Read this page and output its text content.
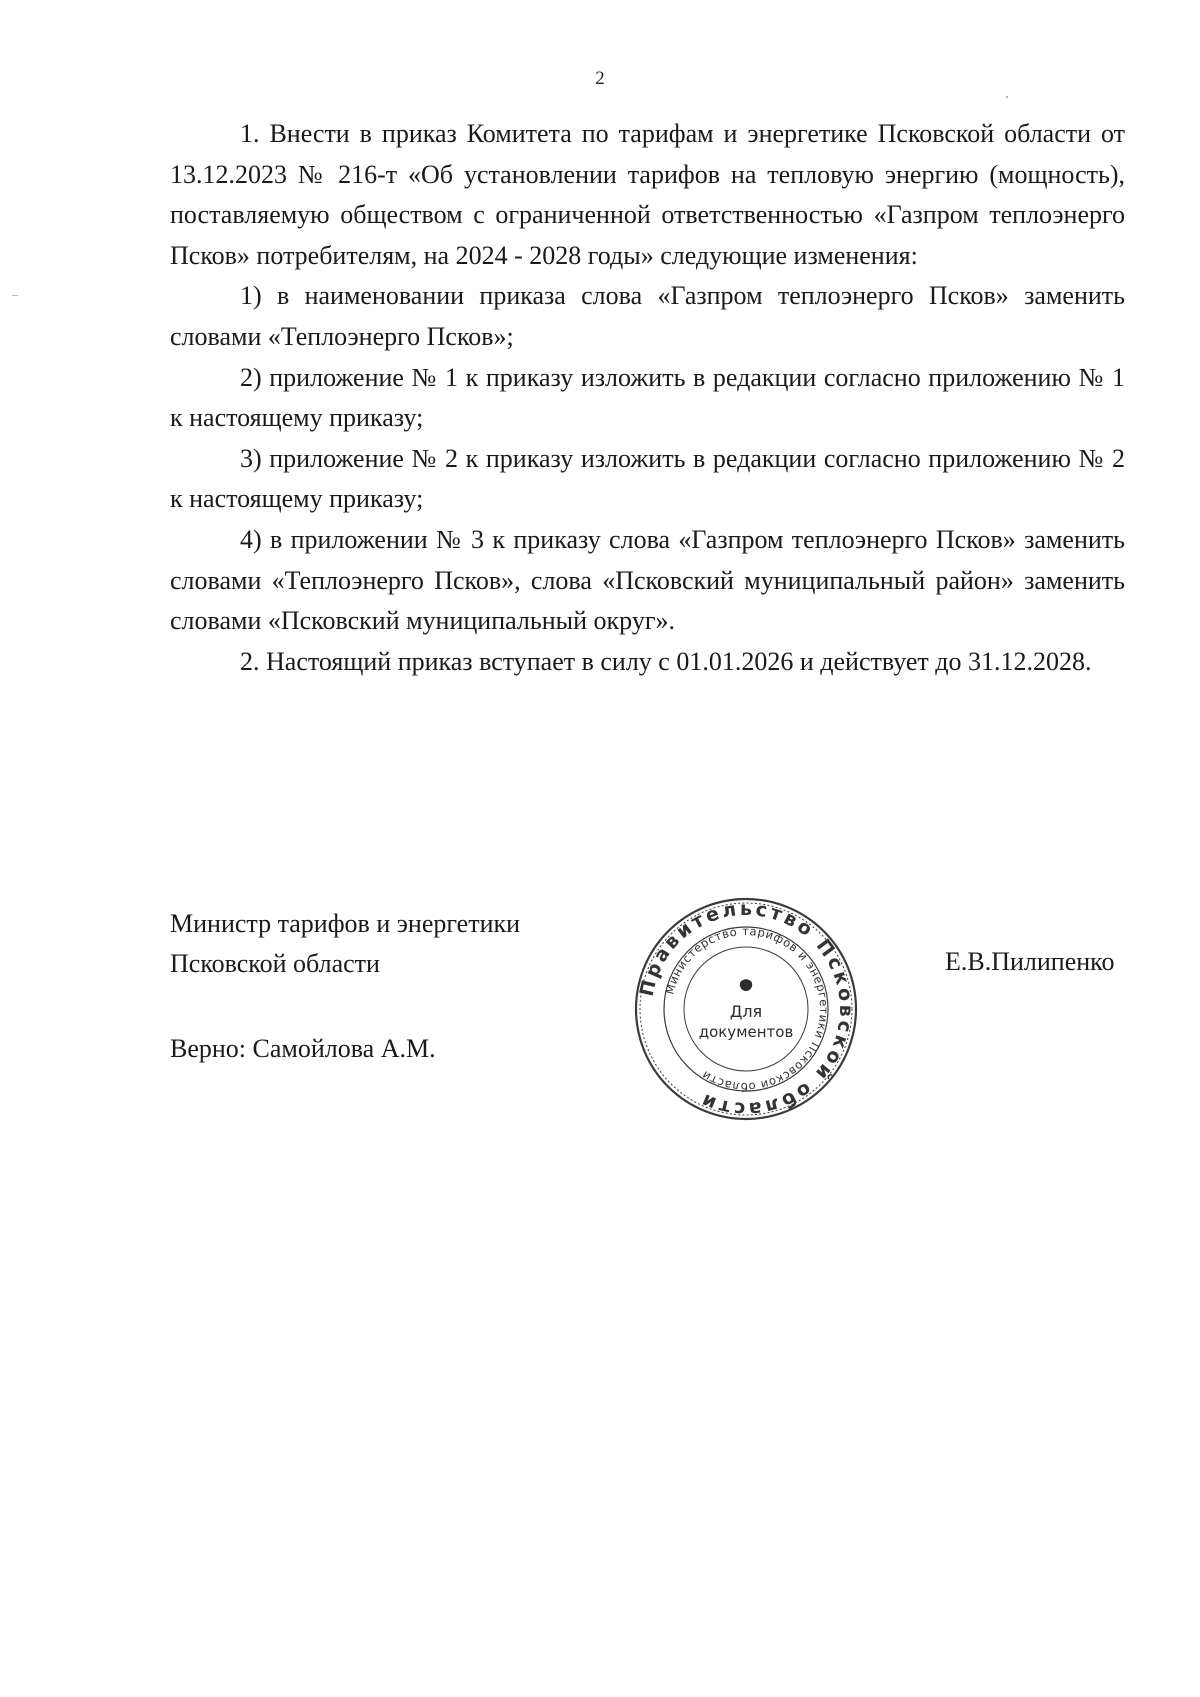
2

1. Внести в приказ Комитета по тарифам и энергетике Псковской области от 13.12.2023 № 216-т «Об установлении тарифов на тепловую энергию (мощность), поставляемую обществом с ограниченной ответственностью «Газпром теплоэнерго Псков» потребителям, на 2024 - 2028 годы» следующие изменения:

1) в наименовании приказа слова «Газпром теплоэнерго Псков» заменить словами «Теплоэнерго Псков»;

2) приложение № 1 к приказу изложить в редакции согласно приложению № 1 к настоящему приказу;

3) приложение № 2 к приказу изложить в редакции согласно приложению № 2 к настоящему приказу;

4) в приложении № 3 к приказу слова «Газпром теплоэнерго Псков» заменить словами «Теплоэнерго Псков», слова «Псковский муниципальный район» заменить словами «Псковский муниципальный округ».

2. Настоящий приказ вступает в силу с 01.01.2026 и действует до 31.12.2028.

Министр тарифов и энергетики
Псковской области	Е.В.Пилипенко
Верно: Самойлова А.М.
Правительство Псковской области
Министерство тарифов и энергетики Псковской области
Для
документов
